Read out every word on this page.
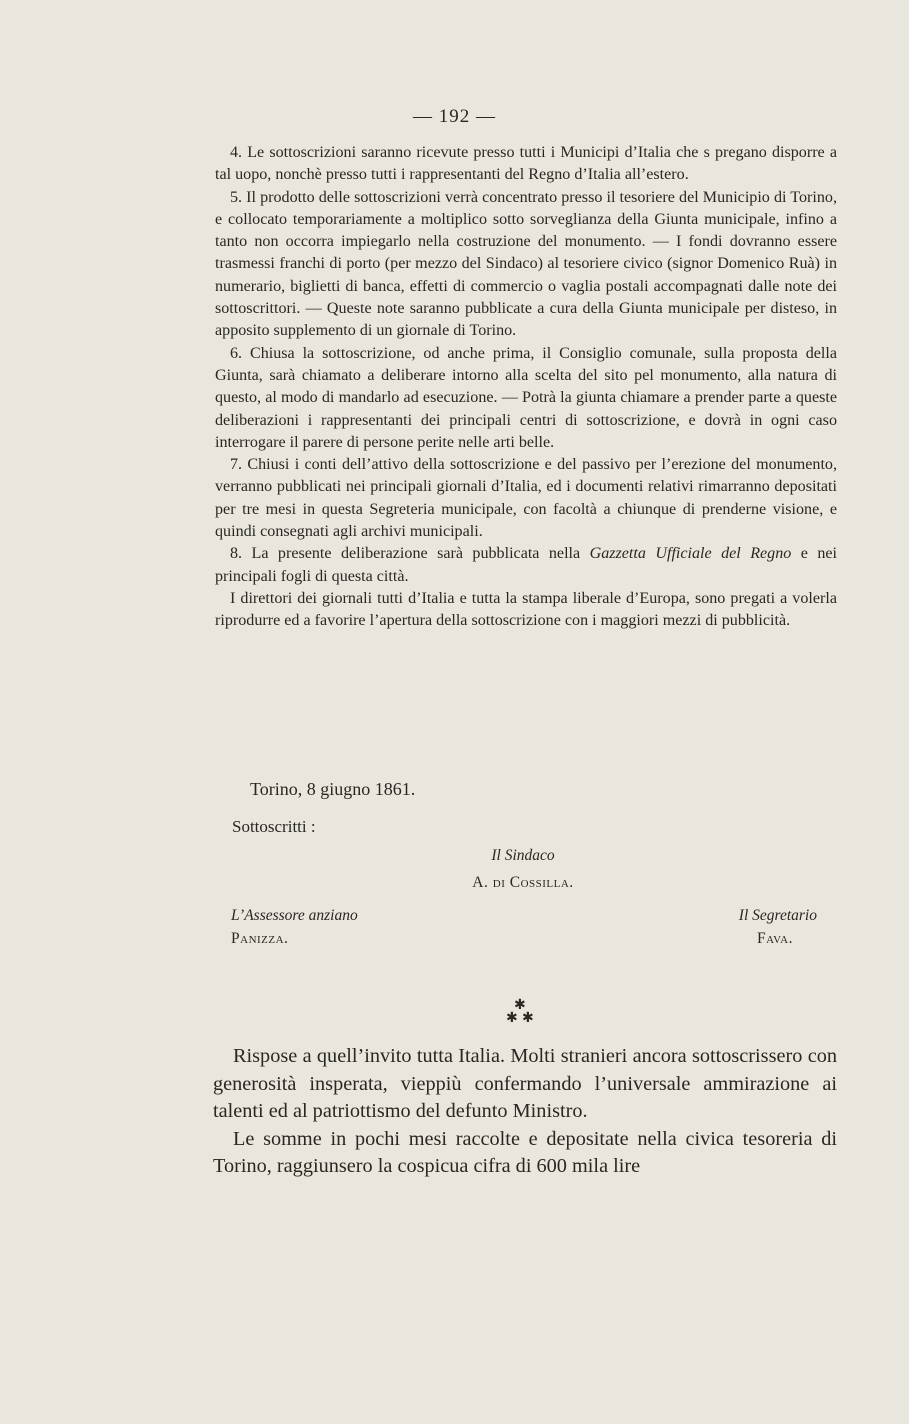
— 192 —

4. Le sottoscrizioni saranno ricevute presso tutti i Municipi d’Italia che s pregano disporre a tal uopo, nonchè presso tutti i rappresentanti del Regno d’Italia all’estero.

5. Il prodotto delle sottoscrizioni verrà concentrato presso il tesoriere del Municipio di Torino, e collocato temporariamente a moltiplico sotto sorveglianza della Giunta municipale, infino a tanto non occorra impiegarlo nella costruzione del monumento. — I fondi dovranno essere trasmessi franchi di porto (per mezzo del Sindaco) al tesoriere civico (signor Domenico Ruà) in numerario, biglietti di banca, effetti di commercio o vaglia postali accompagnati dalle note dei sottoscrittori. — Queste note saranno pubblicate a cura della Giunta municipale per disteso, in apposito supplemento di un giornale di Torino.

6. Chiusa la sottoscrizione, od anche prima, il Consiglio comunale, sulla proposta della Giunta, sarà chiamato a deliberare intorno alla scelta del sito pel monumento, alla natura di questo, al modo di mandarlo ad esecuzione. — Potrà la giunta chiamare a prender parte a queste deliberazioni i rappresentanti dei principali centri di sottoscrizione, e dovrà in ogni caso interrogare il parere di persone perite nelle arti belle.

7. Chiusi i conti dell’attivo della sottoscrizione e del passivo per l’erezione del monumento, verranno pubblicati nei principali giornali d’Italia, ed i documenti relativi rimarranno depositati per tre mesi in questa Segreteria municipale, con facoltà a chiunque di prenderne visione, e quindi consegnati agli archivi municipali.

8. La presente deliberazione sarà pubblicata nella Gazzetta Ufficiale del Regno e nei principali fogli di questa città.

I direttori dei giornali tutti d’Italia e tutta la stampa liberale d’Europa, sono pregati a volerla riprodurre ed a favorire l’apertura della sottoscrizione con i maggiori mezzi di pubblicità.

Torino, 8 giugno 1861.
Sottoscritti :
Il Sindaco
A. di Cossilla.
L’Assessore anziano
Panizza.
Il Segretario
Fava.
✱
✱ ✱

Rispose a quell’invito tutta Italia. Molti stranieri ancora sottoscrissero con generosità insperata, vieppiù confermando l’universale ammirazione ai talenti ed al patriottismo del defunto Ministro.

Le somme in pochi mesi raccolte e depositate nella civica tesoreria di Torino, raggiunsero la cospicua cifra di 600 mila lire
